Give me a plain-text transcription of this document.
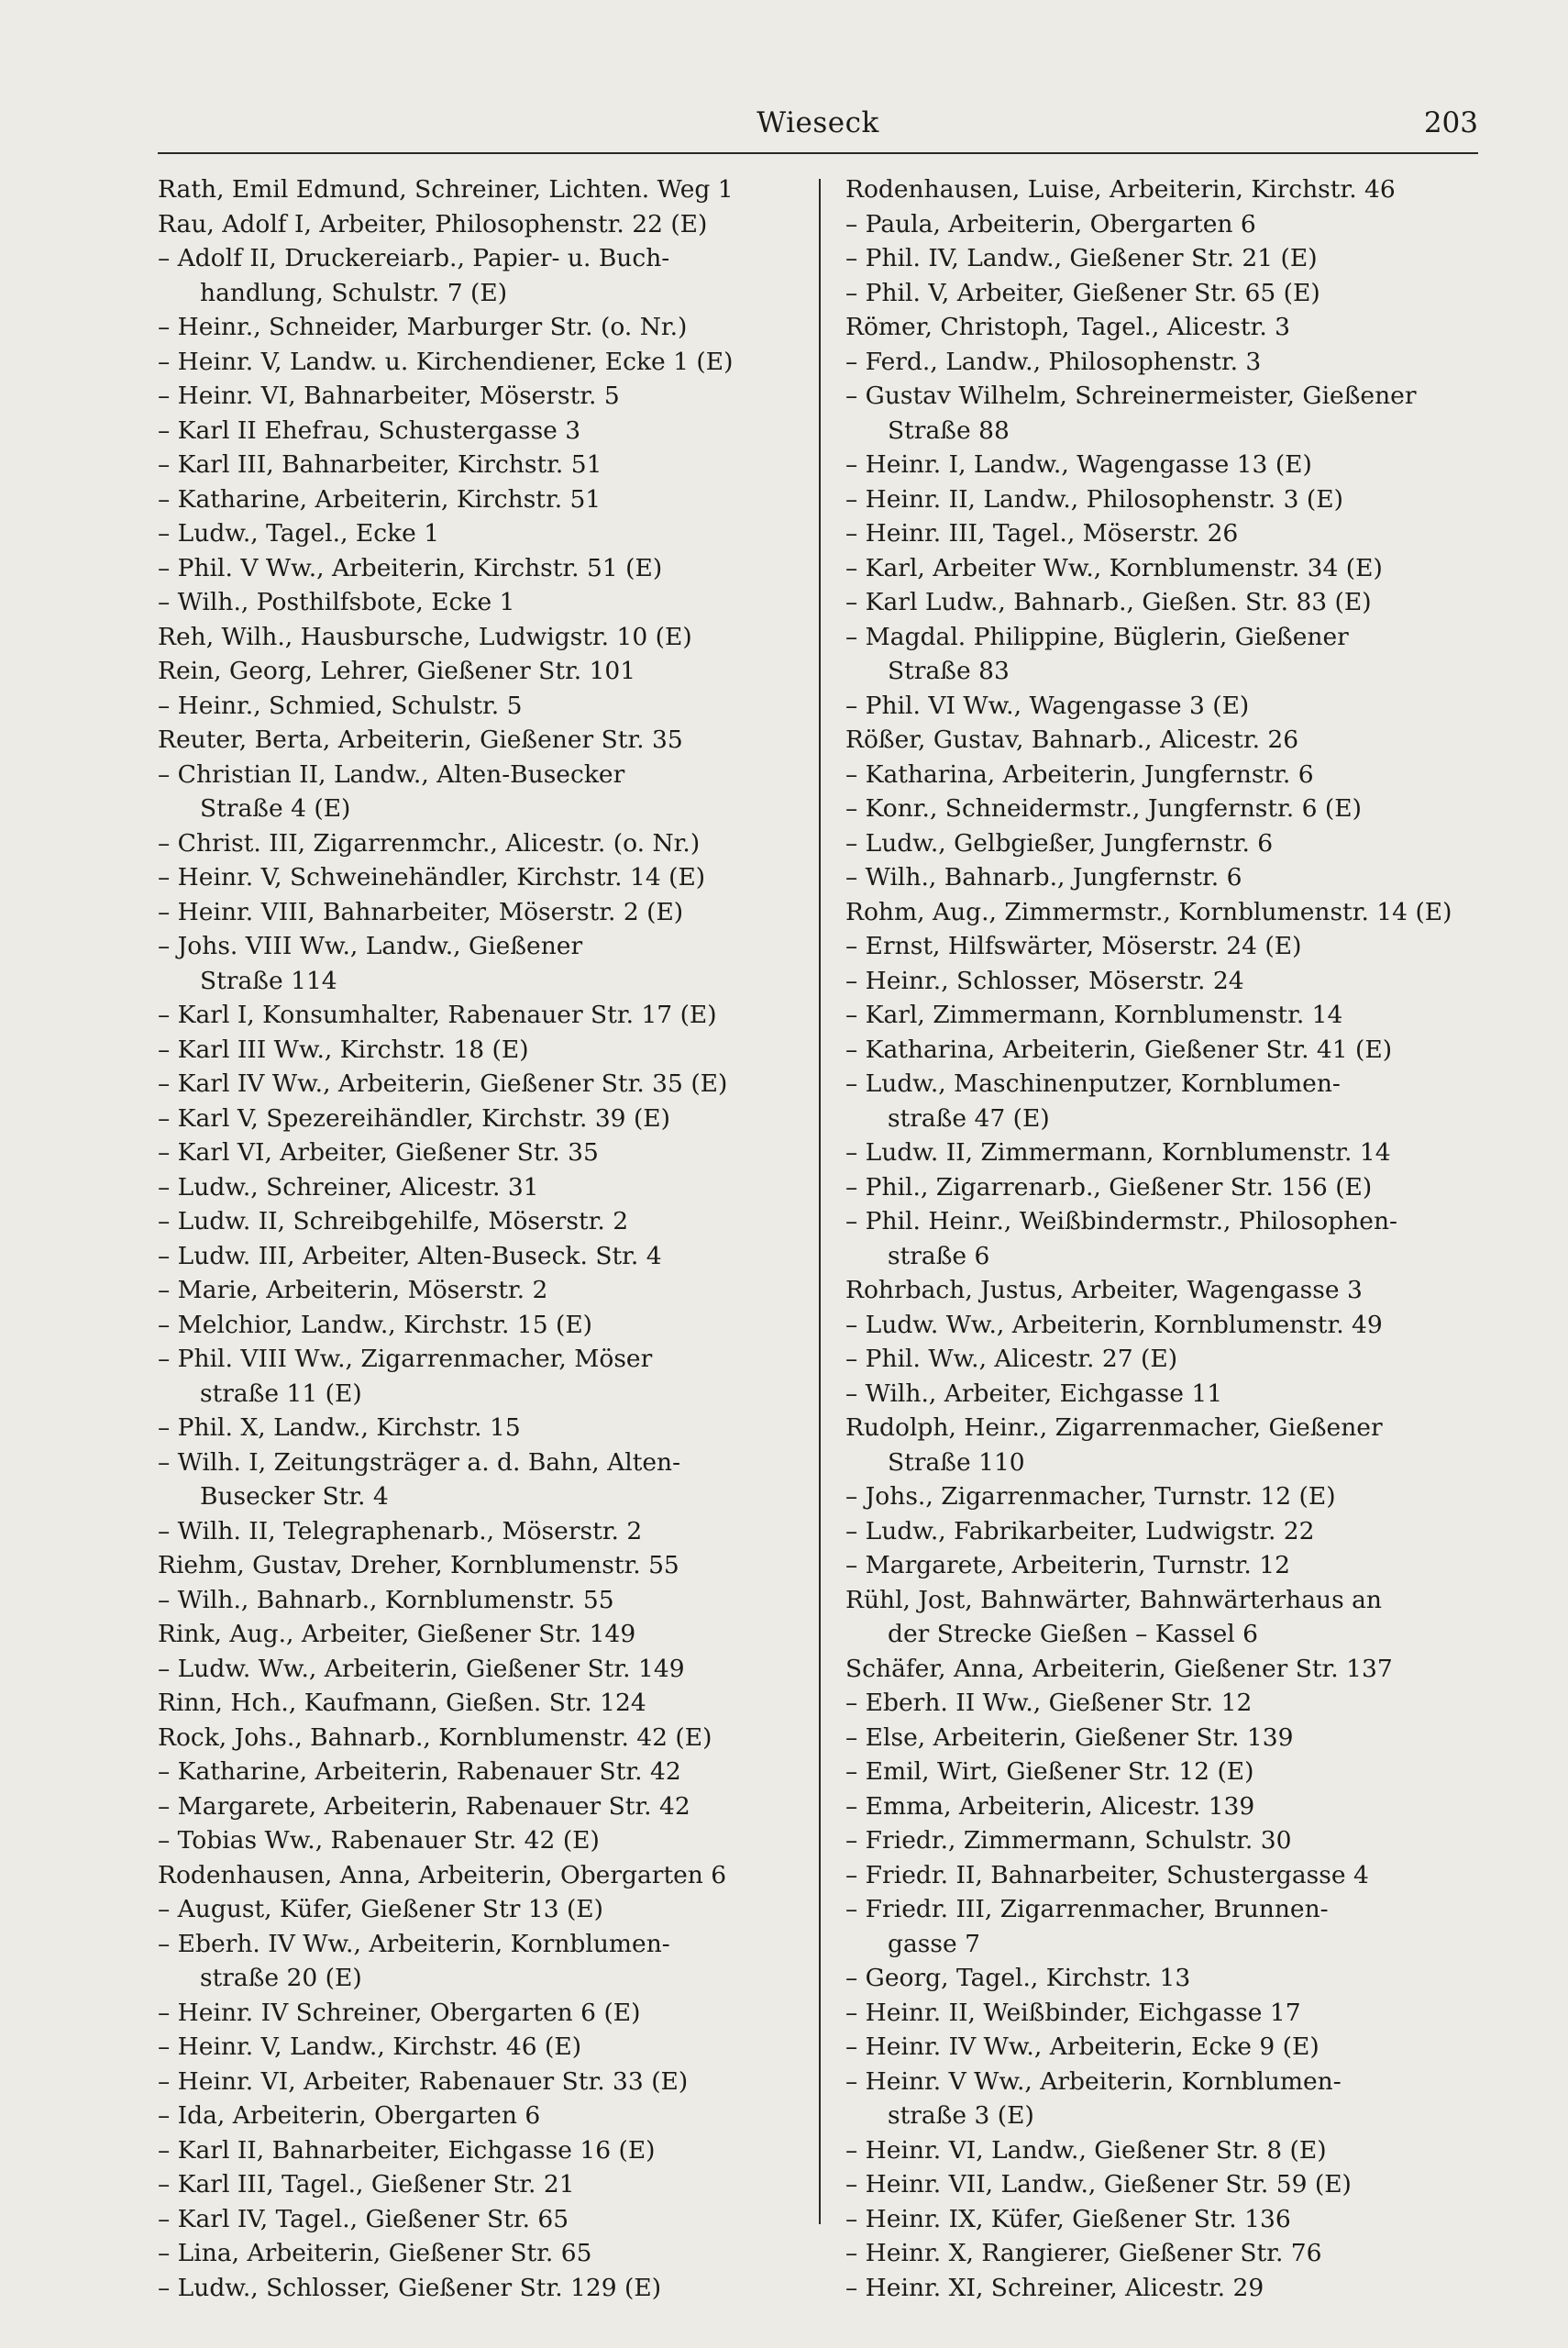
Wieseck	203
Rath, Emil Edmund, Schreiner, Lichten. Weg 1
Rau, Adolf I, Arbeiter, Philosophenstr. 22 (E)
– Adolf II, Druckereiarb., Papier- u. Buch-
handlung, Schulstr. 7 (E)
– Heinr., Schneider, Marburger Str. (o. Nr.)
– Heinr. V, Landw. u. Kirchendiener, Ecke 1 (E)
– Heinr. VI, Bahnarbeiter, Möserstr. 5
– Karl II Ehefrau, Schustergasse 3
– Karl III, Bahnarbeiter, Kirchstr. 51
– Katharine, Arbeiterin, Kirchstr. 51
– Ludw., Tagel., Ecke 1
– Phil. V Ww., Arbeiterin, Kirchstr. 51 (E)
– Wilh., Posthilfsbote, Ecke 1
Reh, Wilh., Hausbursche, Ludwigstr. 10 (E)
Rein, Georg, Lehrer, Gießener Str. 101
– Heinr., Schmied, Schulstr. 5
Reuter, Berta, Arbeiterin, Gießener Str. 35
– Christian II, Landw., Alten-Busecker
Straße 4 (E)
– Christ. III, Zigarrenmchr., Alicestr. (o. Nr.)
– Heinr. V, Schweinehändler, Kirchstr. 14 (E)
– Heinr. VIII, Bahnarbeiter, Möserstr. 2 (E)
– Johs. VIII Ww., Landw., Gießener
Straße 114
– Karl I, Konsumhalter, Rabenauer Str. 17 (E)
– Karl III Ww., Kirchstr. 18 (E)
– Karl IV Ww., Arbeiterin, Gießener Str. 35 (E)
– Karl V, Spezereihändler, Kirchstr. 39 (E)
– Karl VI, Arbeiter, Gießener Str. 35
– Ludw., Schreiner, Alicestr. 31
– Ludw. II, Schreibgehilfe, Möserstr. 2
– Ludw. III, Arbeiter, Alten-Buseck. Str. 4
– Marie, Arbeiterin, Möserstr. 2
– Melchior, Landw., Kirchstr. 15 (E)
– Phil. VIII Ww., Zigarrenmacher, Möser
straße 11 (E)
– Phil. X, Landw., Kirchstr. 15
– Wilh. I, Zeitungsträger a. d. Bahn, Alten-
Busecker Str. 4
– Wilh. II, Telegraphenarb., Möserstr. 2
Riehm, Gustav, Dreher, Kornblumenstr. 55
– Wilh., Bahnarb., Kornblumenstr. 55
Rink, Aug., Arbeiter, Gießener Str. 149
– Ludw. Ww., Arbeiterin, Gießener Str. 149
Rinn, Hch., Kaufmann, Gießen. Str. 124
Rock, Johs., Bahnarb., Kornblumenstr. 42 (E)
– Katharine, Arbeiterin, Rabenauer Str. 42
– Margarete, Arbeiterin, Rabenauer Str. 42
– Tobias Ww., Rabenauer Str. 42 (E)
Rodenhausen, Anna, Arbeiterin, Obergarten 6
– August, Küfer, Gießener Str 13 (E)
– Eberh. IV Ww., Arbeiterin, Kornblumen-
straße 20 (E)
– Heinr. IV Schreiner, Obergarten 6 (E)
– Heinr. V, Landw., Kirchstr. 46 (E)
– Heinr. VI, Arbeiter, Rabenauer Str. 33 (E)
– Ida, Arbeiterin, Obergarten 6
– Karl II, Bahnarbeiter, Eichgasse 16 (E)
– Karl III, Tagel., Gießener Str. 21
– Karl IV, Tagel., Gießener Str. 65
– Lina, Arbeiterin, Gießener Str. 65
– Ludw., Schlosser, Gießener Str. 129 (E)
Rodenhausen, Luise, Arbeiterin, Kirchstr. 46
– Paula, Arbeiterin, Obergarten 6
– Phil. IV, Landw., Gießener Str. 21 (E)
– Phil. V, Arbeiter, Gießener Str. 65 (E)
Römer, Christoph, Tagel., Alicestr. 3
– Ferd., Landw., Philosophenstr. 3
– Gustav Wilhelm, Schreinermeister, Gießener
Straße 88
– Heinr. I, Landw., Wagengasse 13 (E)
– Heinr. II, Landw., Philosophenstr. 3 (E)
– Heinr. III, Tagel., Möserstr. 26
– Karl, Arbeiter Ww., Kornblumenstr. 34 (E)
– Karl Ludw., Bahnarb., Gießen. Str. 83 (E)
– Magdal. Philippine, Büglerin, Gießener
Straße 83
– Phil. VI Ww., Wagengasse 3 (E)
Rößer, Gustav, Bahnarb., Alicestr. 26
– Katharina, Arbeiterin, Jungfernstr. 6
– Konr., Schneidermstr., Jungfernstr. 6 (E)
– Ludw., Gelbgießer, Jungfernstr. 6
– Wilh., Bahnarb., Jungfernstr. 6
Rohm, Aug., Zimmermstr., Kornblumenstr. 14 (E)
– Ernst, Hilfswärter, Möserstr. 24 (E)
– Heinr., Schlosser, Möserstr. 24
– Karl, Zimmermann, Kornblumenstr. 14
– Katharina, Arbeiterin, Gießener Str. 41 (E)
– Ludw., Maschinenputzer, Kornblumen-
straße 47 (E)
– Ludw. II, Zimmermann, Kornblumenstr. 14
– Phil., Zigarrenarb., Gießener Str. 156 (E)
– Phil. Heinr., Weißbindermstr., Philosophen-
straße 6
Rohrbach, Justus, Arbeiter, Wagengasse 3
– Ludw. Ww., Arbeiterin, Kornblumenstr. 49
– Phil. Ww., Alicestr. 27 (E)
– Wilh., Arbeiter, Eichgasse 11
Rudolph, Heinr., Zigarrenmacher, Gießener
Straße 110
– Johs., Zigarrenmacher, Turnstr. 12 (E)
– Ludw., Fabrikarbeiter, Ludwigstr. 22
– Margarete, Arbeiterin, Turnstr. 12
Rühl, Jost, Bahnwärter, Bahnwärterhaus an
der Strecke Gießen – Kassel 6
Schäfer, Anna, Arbeiterin, Gießener Str. 137
– Eberh. II Ww., Gießener Str. 12
– Else, Arbeiterin, Gießener Str. 139
– Emil, Wirt, Gießener Str. 12 (E)
– Emma, Arbeiterin, Alicestr. 139
– Friedr., Zimmermann, Schulstr. 30
– Friedr. II, Bahnarbeiter, Schustergasse 4
– Friedr. III, Zigarrenmacher, Brunnen-
gasse 7
– Georg, Tagel., Kirchstr. 13
– Heinr. II, Weißbinder, Eichgasse 17
– Heinr. IV Ww., Arbeiterin, Ecke 9 (E)
– Heinr. V Ww., Arbeiterin, Kornblumen-
straße 3 (E)
– Heinr. VI, Landw., Gießener Str. 8 (E)
– Heinr. VII, Landw., Gießener Str. 59 (E)
– Heinr. IX, Küfer, Gießener Str. 136
– Heinr. X, Rangierer, Gießener Str. 76
– Heinr. XI, Schreiner, Alicestr. 29
